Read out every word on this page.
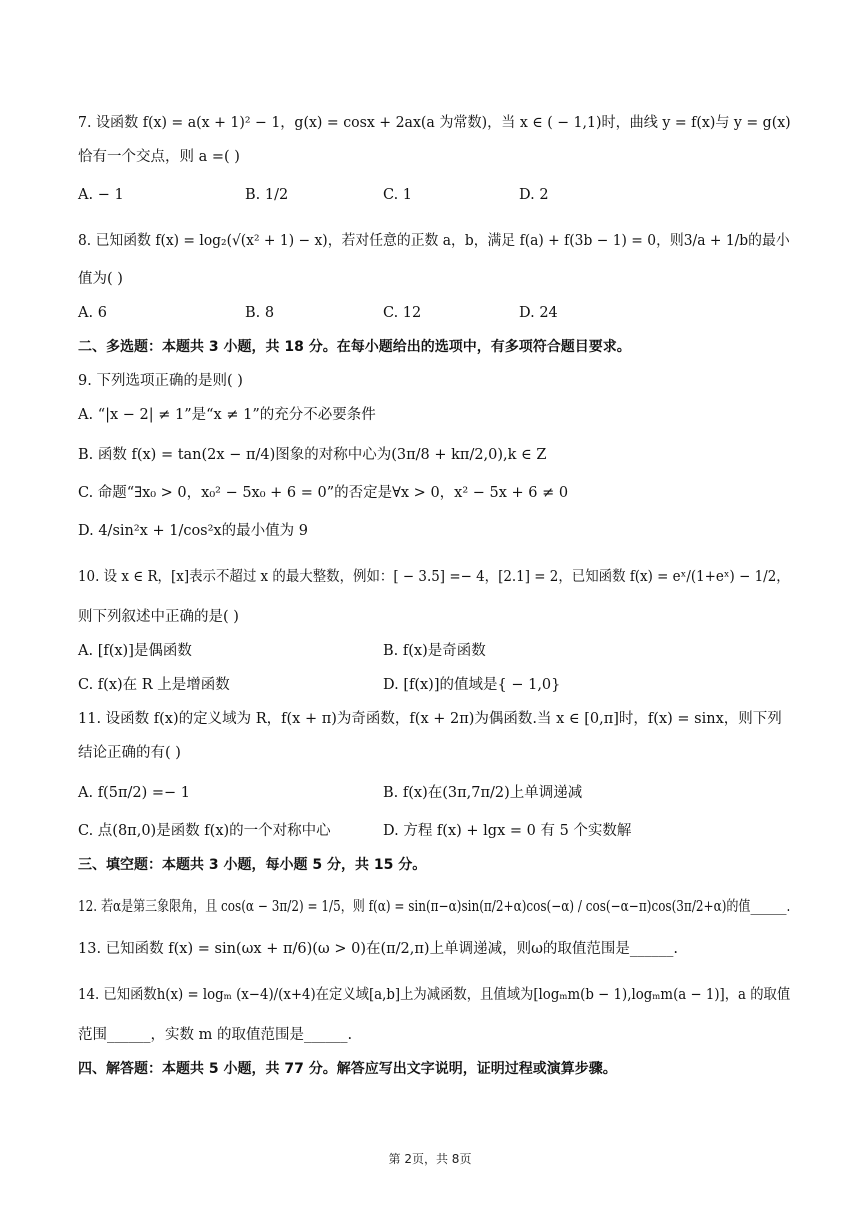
7. 设函数 f(x) = a(x + 1)² − 1，g(x) = cosx + 2ax(a 为常数)，当 x ∈ ( − 1,1)时，曲线 y = f(x)与 y = g(x)
恰有一个交点，则 a =( )
A. − 1	B. 1/2	C. 1	D. 2
8. 已知函数 f(x) = log₂(√(x² + 1) − x)，若对任意的正数 a，b，满足 f(a) + f(3b − 1) = 0，则3/a + 1/b的最小
值为( )
A. 6	B. 8	C. 12	D. 24
二、多选题：本题共 3 小题，共 18 分。在每小题给出的选项中，有多项符合题目要求。
9. 下列选项正确的是则( )
A. “|x − 2| ≠ 1”是“x ≠ 1”的充分不必要条件
B. 函数 f(x) = tan(2x − π/4)图象的对称中心为(3π/8 + kπ/2,0),k ∈ Z
C. 命题“∃x₀ > 0，x₀² − 5x₀ + 6 = 0”的否定是∀x > 0，x² − 5x + 6 ≠ 0
D. 4/sin²x + 1/cos²x的最小值为 9
10. 设 x ∈ R，[x]表示不超过 x 的最大整数，例如：[ − 3.5] =− 4，[2.1] = 2，已知函数 f(x) = eˣ/(1+eˣ) − 1/2，
则下列叙述中正确的是( )
A. [f(x)]是偶函数	B. f(x)是奇函数
C. f(x)在 R 上是增函数	D. [f(x)]的值域是{ − 1,0}
11. 设函数 f(x)的定义域为 R，f(x + π)为奇函数，f(x + 2π)为偶函数.当 x ∈ [0,π]时，f(x) = sinx，则下列
结论正确的有( )
A. f(5π/2) =− 1	B. f(x)在(3π,7π/2)上单调递减
C. 点(8π,0)是函数 f(x)的一个对称中心	D. 方程 f(x) + lgx = 0 有 5 个实数解
三、填空题：本题共 3 小题，每小题 5 分，共 15 分。
12. 若α是第三象限角，且 cos(α − 3π/2) = 1/5，则 f(α) = sin(π−α)sin(π/2+α)cos(−α) / cos(−α−π)cos(3π/2+α)的值______.
13. 已知函数 f(x) = sin(ωx + π/6)(ω > 0)在(π/2,π)上单调递减，则ω的取值范围是______.
14. 已知函数h(x) = logₘ (x−4)/(x+4)在定义域[a,b]上为减函数，且值域为[logₘm(b − 1),logₘm(a − 1)]，a 的取值
范围______，实数 m 的取值范围是______.
四、解答题：本题共 5 小题，共 77 分。解答应写出文字说明，证明过程或演算步骤。
第 2页，共 8页
